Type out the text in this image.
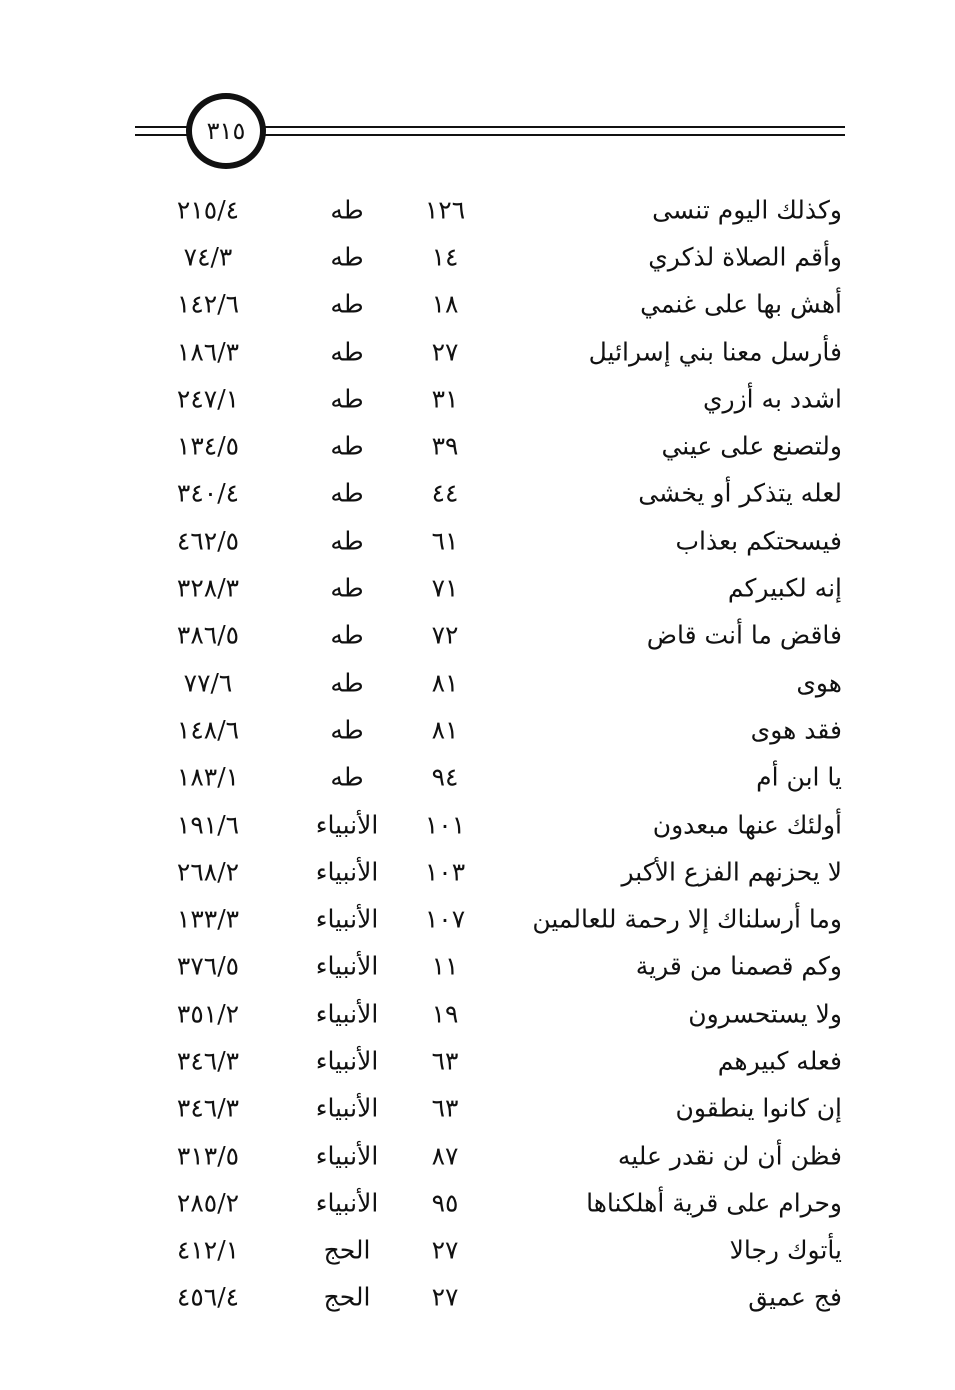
٣١٥
وكذلك اليوم تنسى
١٢٦
طه
٢١٥/٤
وأقم الصلاة لذكري
١٤
طه
٧٤/٣
أهش بها على غنمي
١٨
طه
١٤٢/٦
فأرسل معنا بني إسرائيل
٢٧
طه
١٨٦/٣
اشدد به أزري
٣١
طه
٢٤٧/١
ولتصنع على عيني
٣٩
طه
١٣٤/٥
لعله يتذكر أو يخشى
٤٤
طه
٣٤٠/٤
فيسحتكم بعذاب
٦١
طه
٤٦٢/٥
إنه لكبيركم
٧١
طه
٣٢٨/٣
فاقض ما أنت قاض
٧٢
طه
٣٨٦/٥
هوى
٨١
طه
٧٧/٦
فقد هوى
٨١
طه
١٤٨/٦
يا ابن أم
٩٤
طه
١٨٣/١
أولئك عنها مبعدون
١٠١
الأنبياء
١٩١/٦
لا يحزنهم الفزع الأكبر
١٠٣
الأنبياء
٢٦٨/٢
وما أرسلناك إلا رحمة للعالمين
١٠٧
الأنبياء
١٣٣/٣
وكم قصمنا من قرية
١١
الأنبياء
٣٧٦/٥
ولا يستحسرون
١٩
الأنبياء
٣٥١/٢
فعله كبيرهم
٦٣
الأنبياء
٣٤٦/٣
إن كانوا ينطقون
٦٣
الأنبياء
٣٤٦/٣
فظن أن لن نقدر عليه
٨٧
الأنبياء
٣١٣/٥
وحرام على قرية أهلكناها
٩٥
الأنبياء
٢٨٥/٢
يأتوك رجالا
٢٧
الحج
٤١٢/١
فج عميق
٢٧
الحج
٤٥٦/٤
